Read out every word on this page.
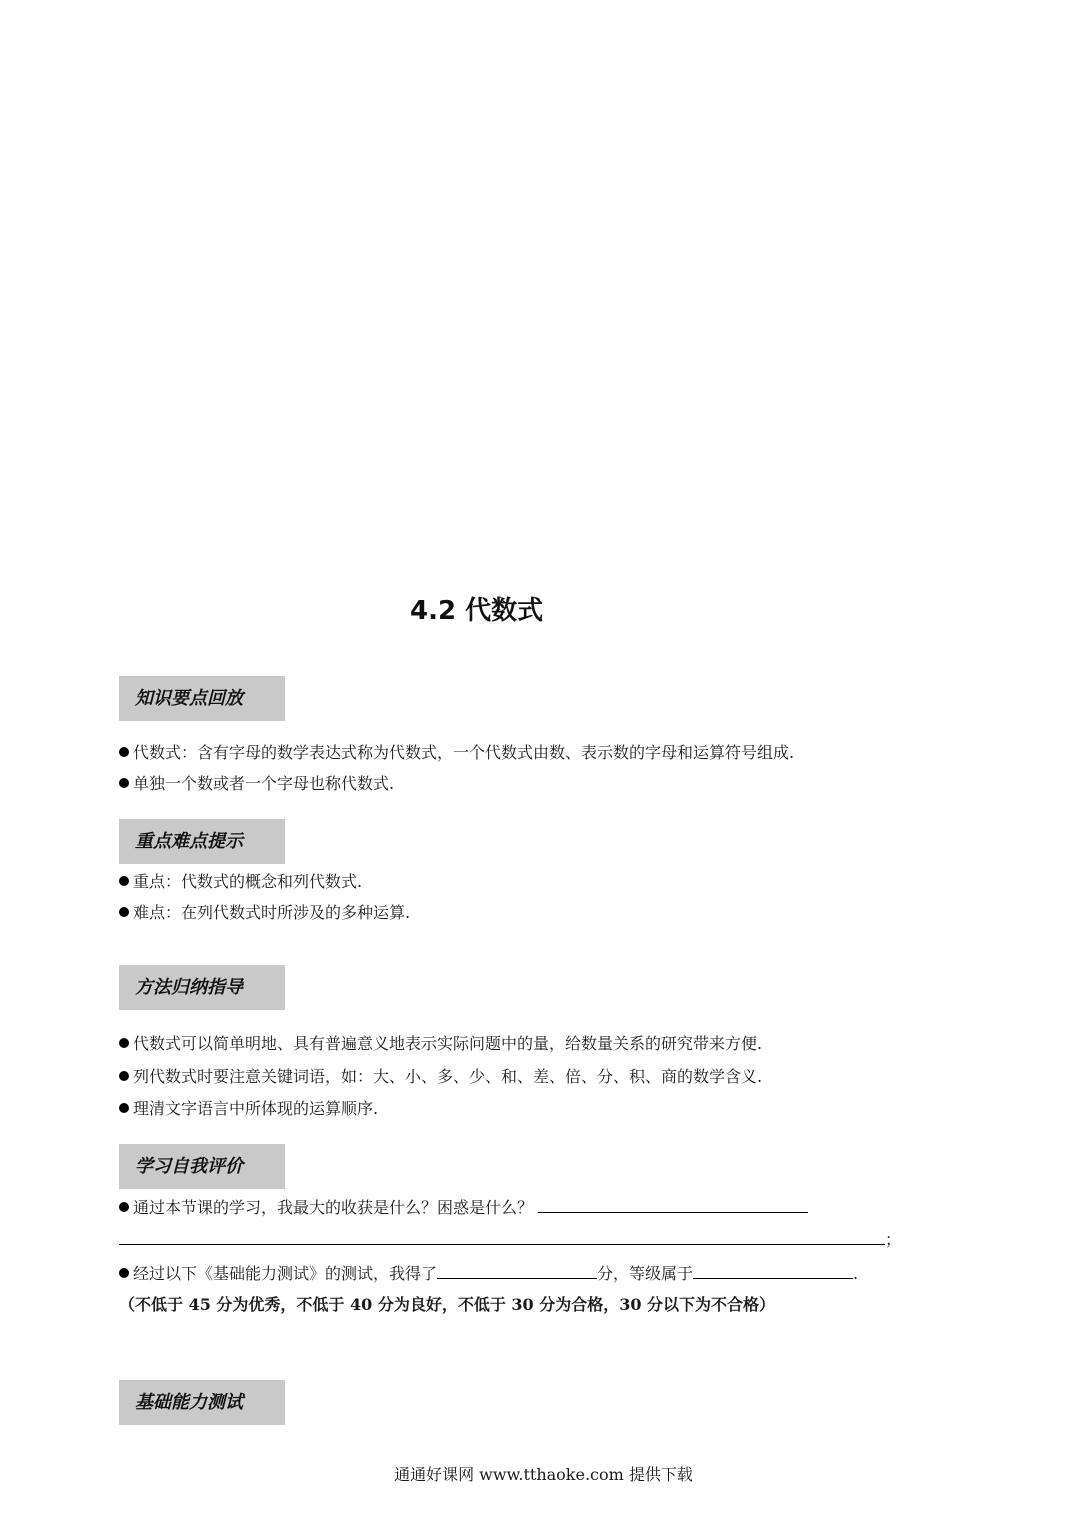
4.2 代数式
知识要点回放
代数式：含有字母的数学表达式称为代数式，一个代数式由数、表示数的字母和运算符号组成.
单独一个数或者一个字母也称代数式.
重点难点提示
重点：代数式的概念和列代数式.
难点：在列代数式时所涉及的多种运算.
方法归纳指导
代数式可以简单明地、具有普遍意义地表示实际问题中的量，给数量关系的研究带来方便.
列代数式时要注意关键词语，如：大、小、多、少、和、差、倍、分、积、商的数学含义.
理清文字语言中所体现的运算顺序.
学习自我评价
通过本节课的学习，我最大的收获是什么？困惑是什么？
；
经过以下《基础能力测试》的测试，我得了	分，等级属于	.
（不低于 45 分为优秀，不低于 40 分为良好，不低于 30 分为合格，30 分以下为不合格）
基础能力测试
通通好课网 www.tthaoke.com 提供下载
